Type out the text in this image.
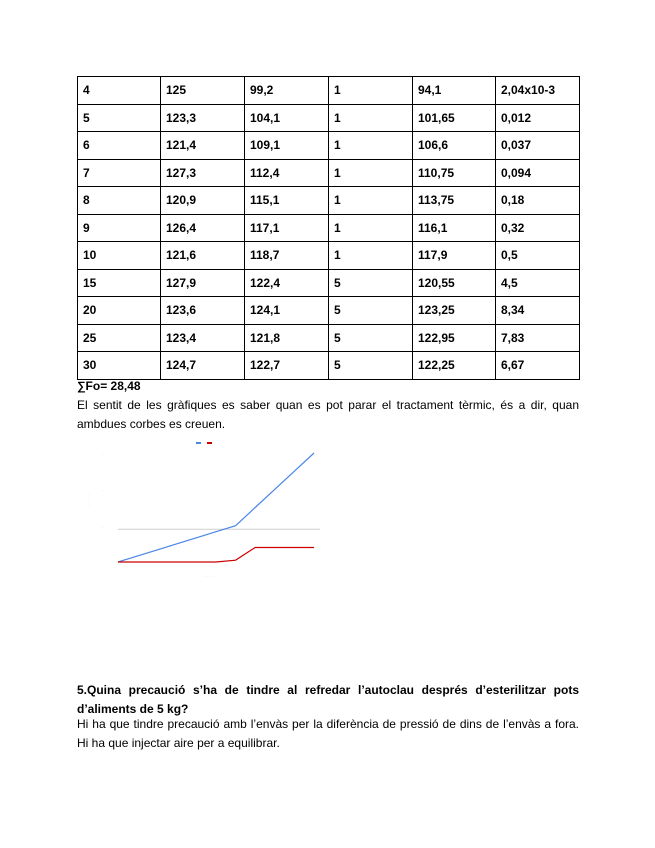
4	125	99,2	1	94,1	2,04x10-3
5	123,3	104,1	1	101,65	0,012
6	121,4	109,1	1	106,6	0,037
7	127,3	112,4	1	110,75	0,094
8	120,9	115,1	1	113,75	0,18
9	126,4	117,1	1	116,1	0,32
10	121,6	118,7	1	117,9	0,5
15	127,9	122,4	5	120,55	4,5
20	123,6	124,1	5	123,25	8,34
25	123,4	121,8	5	122,95	7,83
30	124,7	122,7	5	122,25	6,67
∑Fo= 28,48
El sentit de les gràfiques es saber quan es pot parar el tractament tèrmic, és a dir, quan ambdues corbes es creuen.
··
··
··
·
· · · · · · · ·
· · · · · ·
5.Quina precaució s’ha de tindre al refredar l’autoclau després d’esterilitzar pots d’aliments de 5 kg?
Hi ha que tindre precaució amb l’envàs per la diferència de pressió de dins de l’envàs a fora. Hi ha que injectar aire per a equilibrar.
